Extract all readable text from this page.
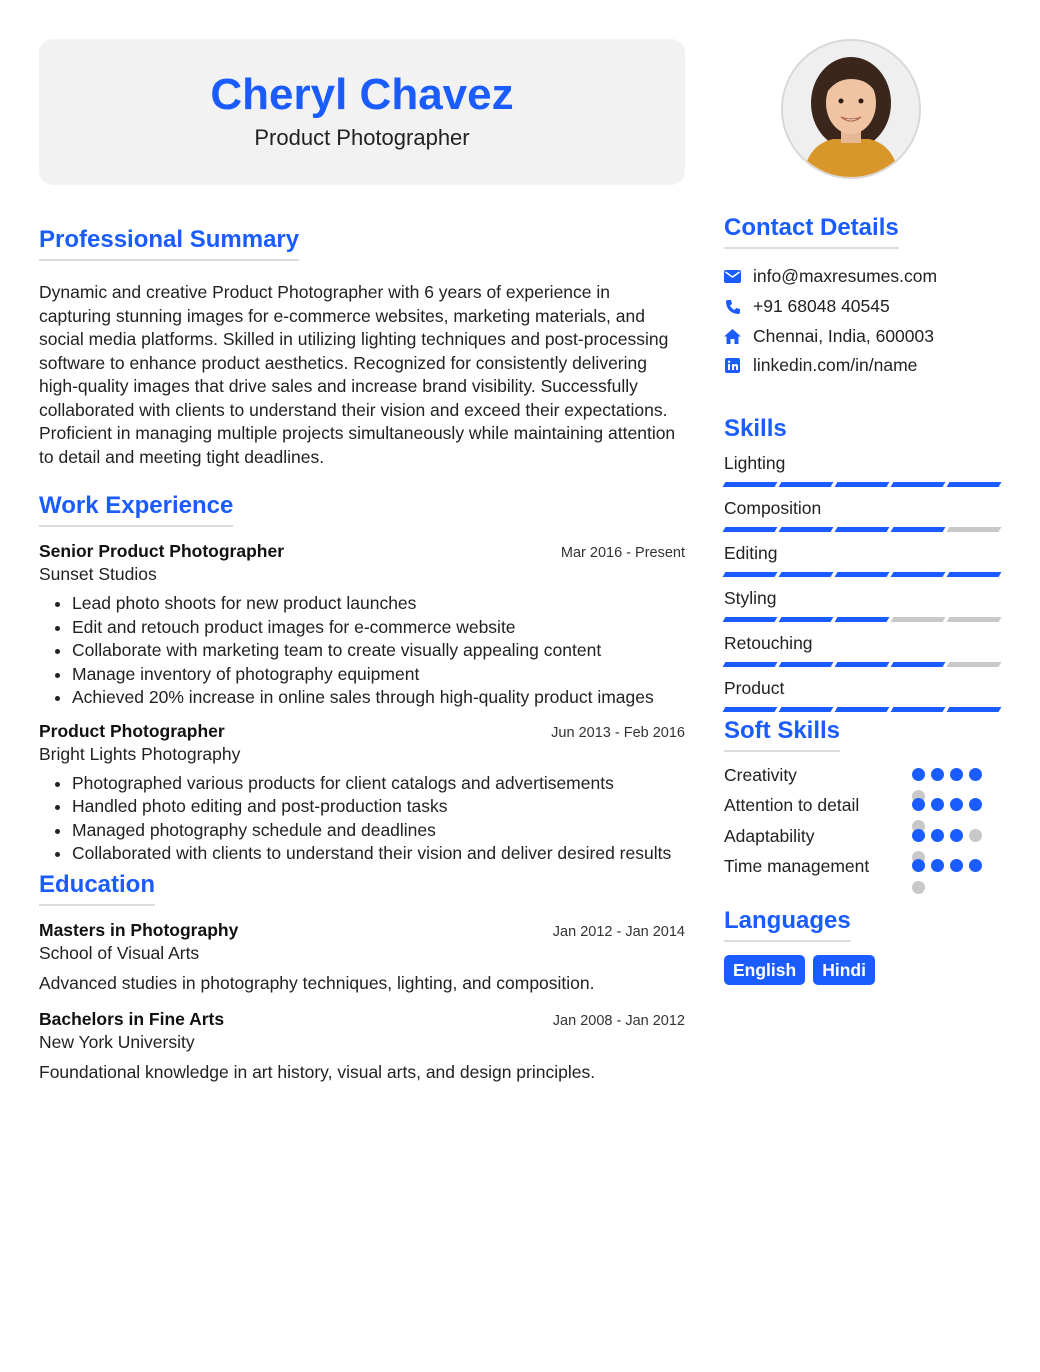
Cheryl Chavez
Product Photographer
Professional Summary
Dynamic and creative Product Photographer with 6 years of experience in capturing stunning images for e-commerce websites, marketing materials, and social media platforms. Skilled in utilizing lighting techniques and post-processing software to enhance product aesthetics. Recognized for consistently delivering high-quality images that drive sales and increase brand visibility. Successfully collaborated with clients to understand their vision and exceed their expectations. Proficient in managing multiple projects simultaneously while maintaining attention to detail and meeting tight deadlines.
Work Experience
Senior Product Photographer	Mar 2016 - Present
Sunset Studios
• Lead photo shoots for new product launches
• Edit and retouch product images for e-commerce website
• Collaborate with marketing team to create visually appealing content
• Manage inventory of photography equipment
• Achieved 20% increase in online sales through high-quality product images
Product Photographer	Jun 2013 - Feb 2016
Bright Lights Photography
• Photographed various products for client catalogs and advertisements
• Handled photo editing and post-production tasks
• Managed photography schedule and deadlines
• Collaborated with clients to understand their vision and deliver desired results
Education
Masters in Photography	Jan 2012 - Jan 2014
School of Visual Arts
Advanced studies in photography techniques, lighting, and composition.
Bachelors in Fine Arts	Jan 2008 - Jan 2012
New York University
Foundational knowledge in art history, visual arts, and design principles.
Contact Details
info@maxresumes.com
+91 68048 40545
Chennai, India, 600003
linkedin.com/in/name
Skills
Lighting
Composition
Editing
Styling
Retouching
Product
Soft Skills
Creativity
Attention to detail
Adaptability
Time management
Languages
English	Hindi
